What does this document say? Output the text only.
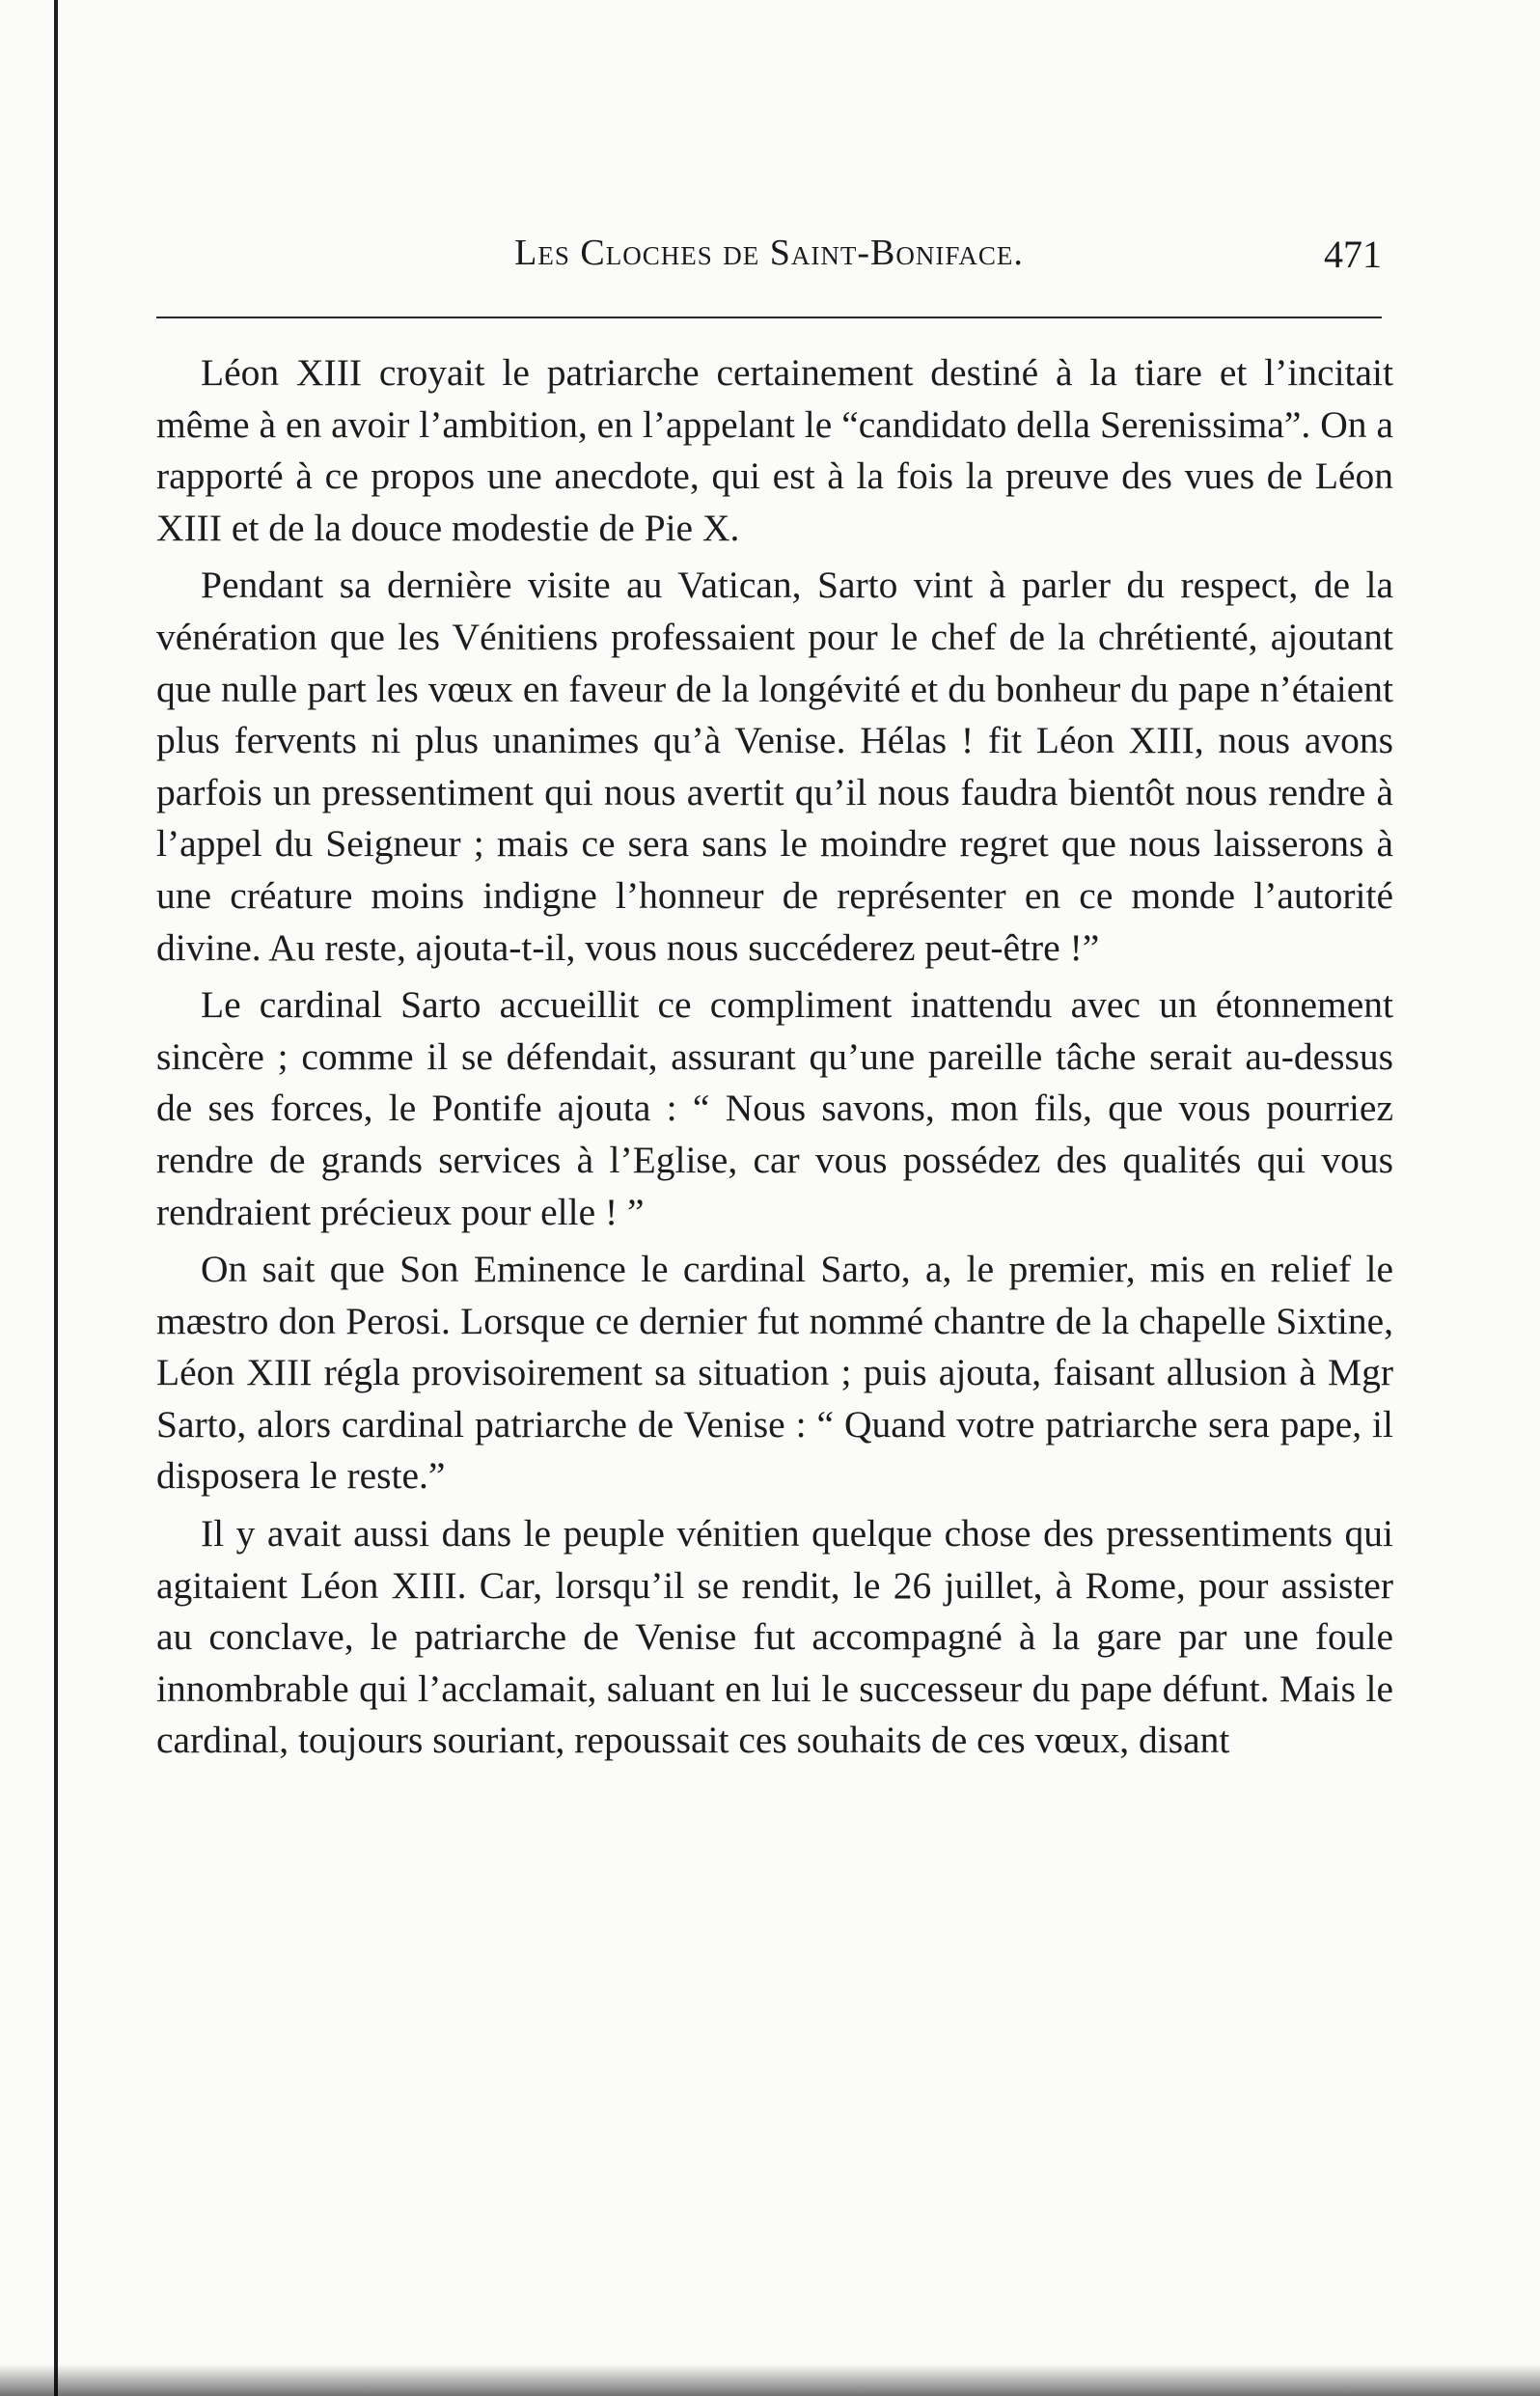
Les Cloches de Saint-Boniface.	471

Léon XIII croyait le patriarche certainement destiné à la tiare et l’incitait même à en avoir l’ambition, en l’appelant le “candidato della Serenissima”. On a rapporté à ce propos une anecdote, qui est à la fois la preuve des vues de Léon XIII et de la douce modestie de Pie X.

Pendant sa dernière visite au Vatican, Sarto vint à parler du respect, de la vénération que les Vénitiens professaient pour le chef de la chrétienté, ajoutant que nulle part les vœux en faveur de la longévité et du bonheur du pape n’étaient plus fervents ni plus unanimes qu’à Venise. Hélas ! fit Léon XIII, nous avons parfois un pressentiment qui nous avertit qu’il nous faudra bientôt nous rendre à l’appel du Seigneur ; mais ce sera sans le moindre regret que nous laisserons à une créature moins indigne l’honneur de représenter en ce monde l’autorité divine. Au reste, ajouta-t-il, vous nous succéderez peut-être !”

Le cardinal Sarto accueillit ce compliment inattendu avec un étonnement sincère ; comme il se défendait, assurant qu’une pareille tâche serait au-dessus de ses forces, le Pontife ajouta : “ Nous savons, mon fils, que vous pourriez rendre de grands services à l’Eglise, car vous possédez des qualités qui vous rendraient précieux pour elle ! ”

On sait que Son Eminence le cardinal Sarto, a, le premier, mis en relief le mæstro don Perosi. Lorsque ce dernier fut nommé chantre de la chapelle Sixtine, Léon XIII régla provisoirement sa situation ; puis ajouta, faisant allusion à Mgr Sarto, alors cardinal patriarche de Venise : “ Quand votre patriarche sera pape, il disposera le reste.”

Il y avait aussi dans le peuple vénitien quelque chose des pressentiments qui agitaient Léon XIII. Car, lorsqu’il se rendit, le 26 juillet, à Rome, pour assister au conclave, le patriarche de Venise fut accompagné à la gare par une foule innombrable qui l’acclamait, saluant en lui le successeur du pape défunt. Mais le cardinal, toujours souriant, repoussait ces souhaits de ces vœux, disant
